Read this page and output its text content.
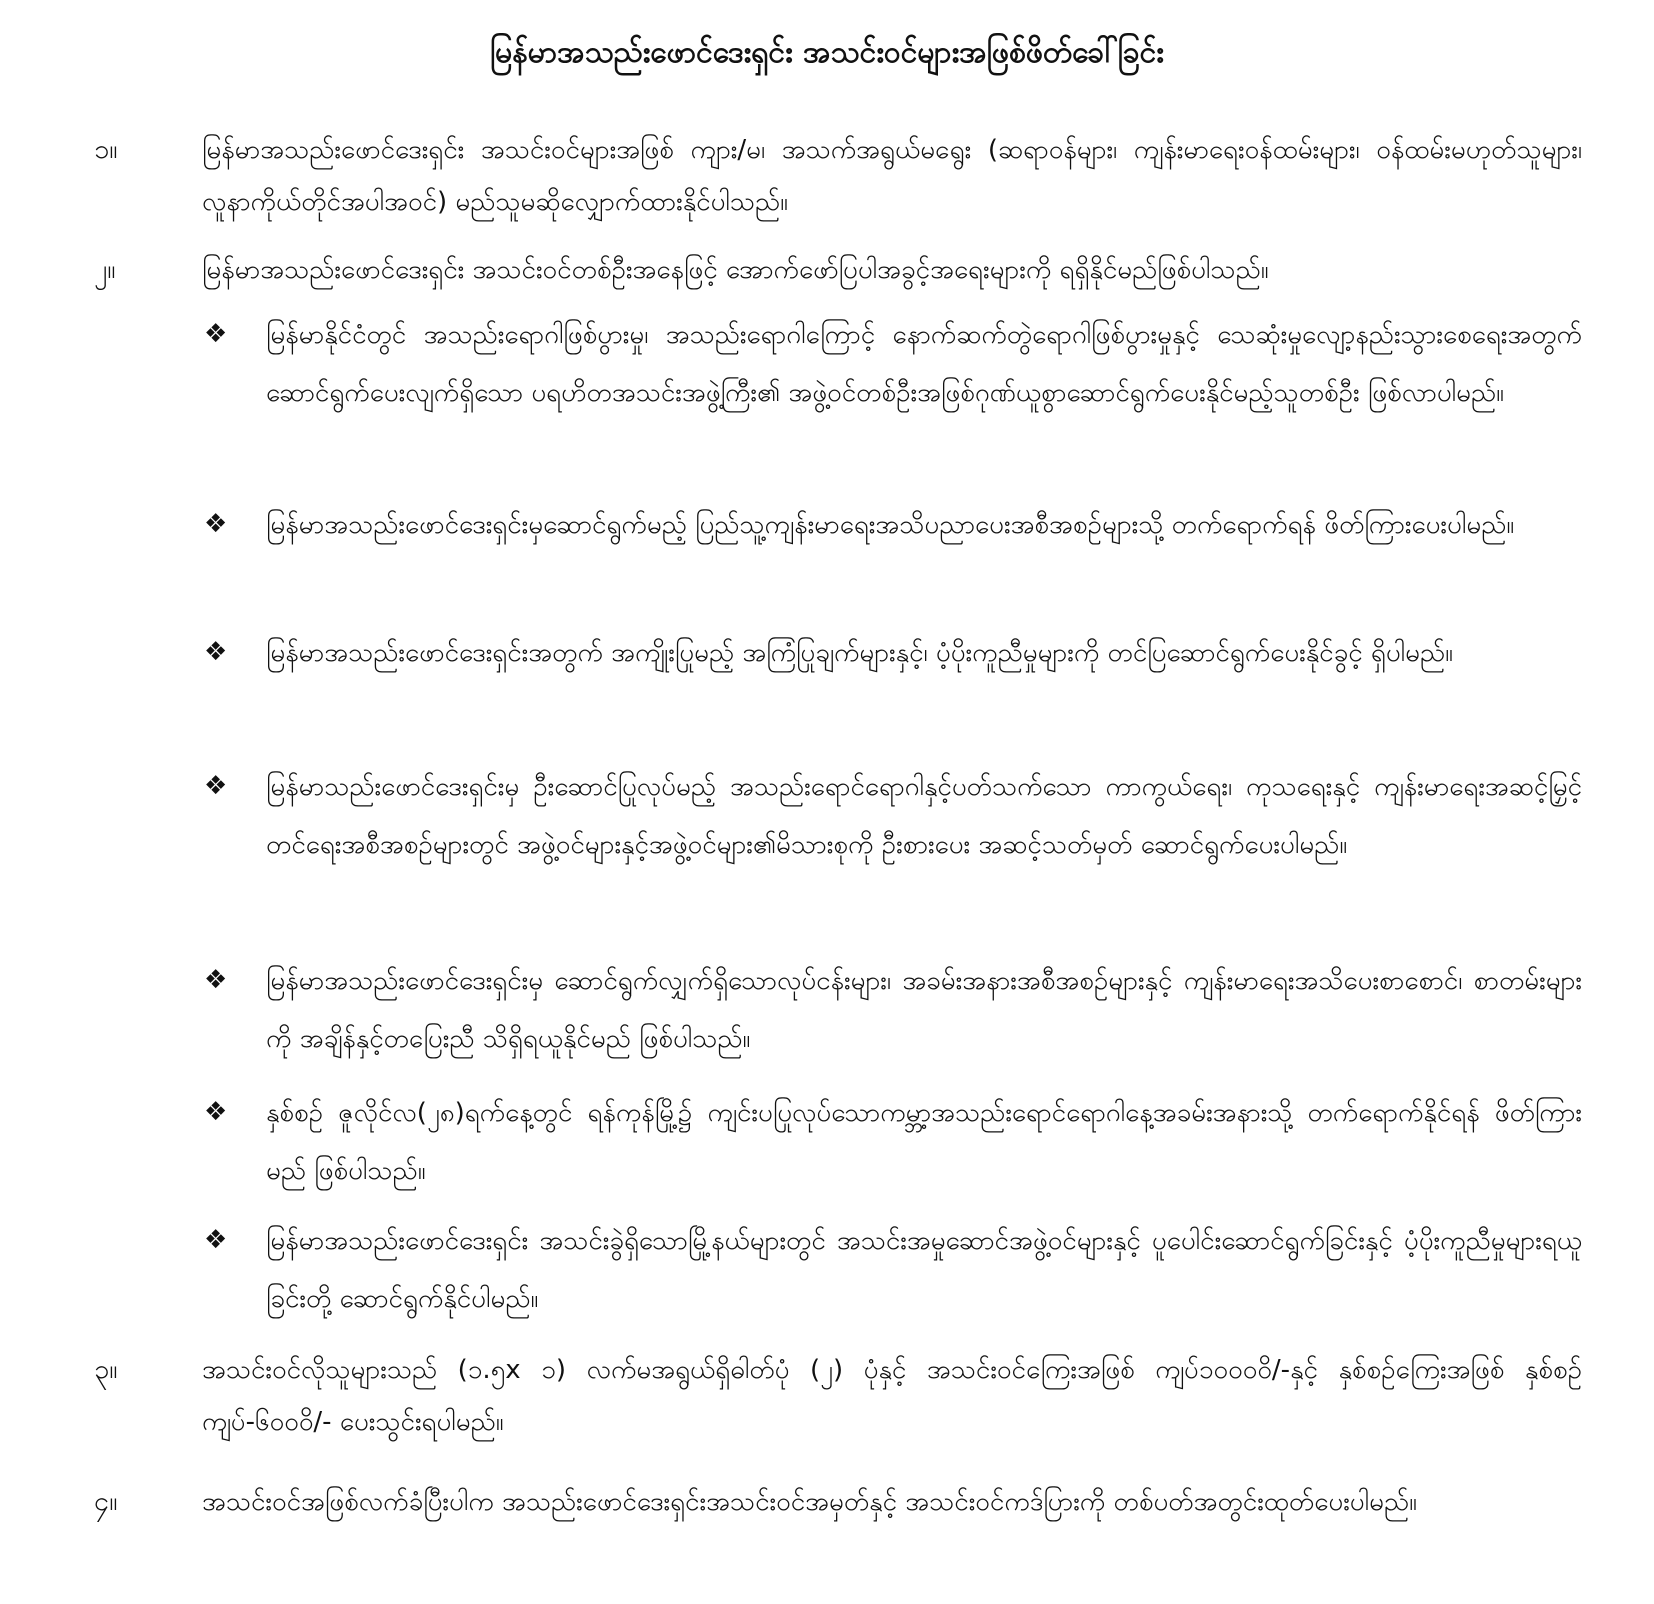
မြန်မာအသည်းဖောင်ဒေးရှင်း အသင်းဝင်များအဖြစ်ဖိတ်ခေါ်ခြင်း
၁။	မြန်မာအသည်းဖောင်ဒေးရှင်း အသင်းဝင်များအဖြစ် ကျား/မ၊ အသက်အရွယ်မရွေး (ဆရာဝန်များ၊ ကျန်းမာရေးဝန်ထမ်းများ၊ ဝန်ထမ်းမဟုတ်သူများ၊ လူနာကိုယ်တိုင်အပါအဝင်) မည်သူမဆိုလျှောက်ထားနိုင်ပါသည်။
၂။	မြန်မာအသည်းဖောင်ဒေးရှင်း အသင်းဝင်တစ်ဦးအနေဖြင့် အောက်ဖော်ပြပါအခွင့်အရေးများကို ရရှိနိုင်မည်ဖြစ်ပါသည်။
❖ မြန်မာနိုင်ငံတွင် အသည်းရောဂါဖြစ်ပွားမှု၊ အသည်းရောဂါကြောင့် နောက်ဆက်တွဲရောဂါဖြစ်ပွားမှုနှင့် သေဆုံးမှုလျော့နည်းသွားစေရေးအတွက် ဆောင်ရွက်ပေးလျက်ရှိသော ပရဟိတအသင်းအဖွဲ့ကြီး၏ အဖွဲ့ဝင်တစ်ဦးအဖြစ်ဂုဏ်ယူစွာဆောင်ရွက်ပေးနိုင်မည့်သူတစ်ဦး ဖြစ်လာပါမည်။
❖ မြန်မာအသည်းဖောင်ဒေးရှင်းမှဆောင်ရွက်မည့် ပြည်သူ့ကျန်းမာရေးအသိပညာပေးအစီအစဉ်များသို့ တက်ရောက်ရန် ဖိတ်ကြားပေးပါမည်။
❖ မြန်မာအသည်းဖောင်ဒေးရှင်းအတွက် အကျိုးပြုမည့် အကြံပြုချက်များနှင့်၊ ပံ့ပိုးကူညီမှုများကို တင်ပြဆောင်ရွက်ပေးနိုင်ခွင့် ရှိပါမည်။
❖ မြန်မာသည်းဖောင်ဒေးရှင်းမှ ဦးဆောင်ပြုလုပ်မည့် အသည်းရောင်ရောဂါနှင့်ပတ်သက်သော ကာကွယ်ရေး၊ ကုသရေးနှင့် ကျန်းမာရေးအဆင့်မြှင့်တင်ရေးအစီအစဉ်များတွင် အဖွဲ့ဝင်များနှင့်အဖွဲ့ဝင်များ၏မိသားစုကို ဦးစားပေး အဆင့်သတ်မှတ် ဆောင်ရွက်ပေးပါမည်။
❖ မြန်မာအသည်းဖောင်ဒေးရှင်းမှ ဆောင်ရွက်လျှက်ရှိသောလုပ်ငန်းများ၊ အခမ်းအနားအစီအစဉ်များနှင့် ကျန်းမာရေးအသိပေးစာစောင်၊ စာတမ်းများကို အချိန်နှင့်တပြေးညီ သိရှိရယူနိုင်မည် ဖြစ်ပါသည်။
❖ နှစ်စဉ် ဇူလိုင်လ(၂၈)ရက်နေ့တွင် ရန်ကုန်မြို့၌ ကျင်းပပြုလုပ်သောကမ္ဘာ့အသည်းရောင်ရောဂါနေ့အခမ်းအနားသို့ တက်ရောက်နိုင်ရန် ဖိတ်ကြားမည် ဖြစ်ပါသည်။
❖ မြန်မာအသည်းဖောင်ဒေးရှင်း အသင်းခွဲရှိသောမြို့နယ်များတွင် အသင်းအမှုဆောင်အဖွဲ့ဝင်များနှင့် ပူပေါင်းဆောင်ရွက်ခြင်းနှင့် ပံ့ပိုးကူညီမှုများရယူခြင်းတို့ ဆောင်ရွက်နိုင်ပါမည်။
၃။	အသင်းဝင်လိုသူများသည် (၁.၅x ၁) လက်မအရွယ်ရှိဓါတ်ပုံ (၂) ပုံနှင့် အသင်းဝင်ကြေးအဖြစ် ကျပ်၁၀၀၀ဝိ/-နှင့် နှစ်စဉ်ကြေးအဖြစ် နှစ်စဉ်ကျပ်-၆၀၀ဝိ/- ပေးသွင်းရပါမည်။
၄။	အသင်းဝင်အဖြစ်လက်ခံပြီးပါက အသည်းဖောင်ဒေးရှင်းအသင်းဝင်အမှတ်နှင့် အသင်းဝင်ကဒ်ပြားကို တစ်ပတ်အတွင်းထုတ်ပေးပါမည်။
